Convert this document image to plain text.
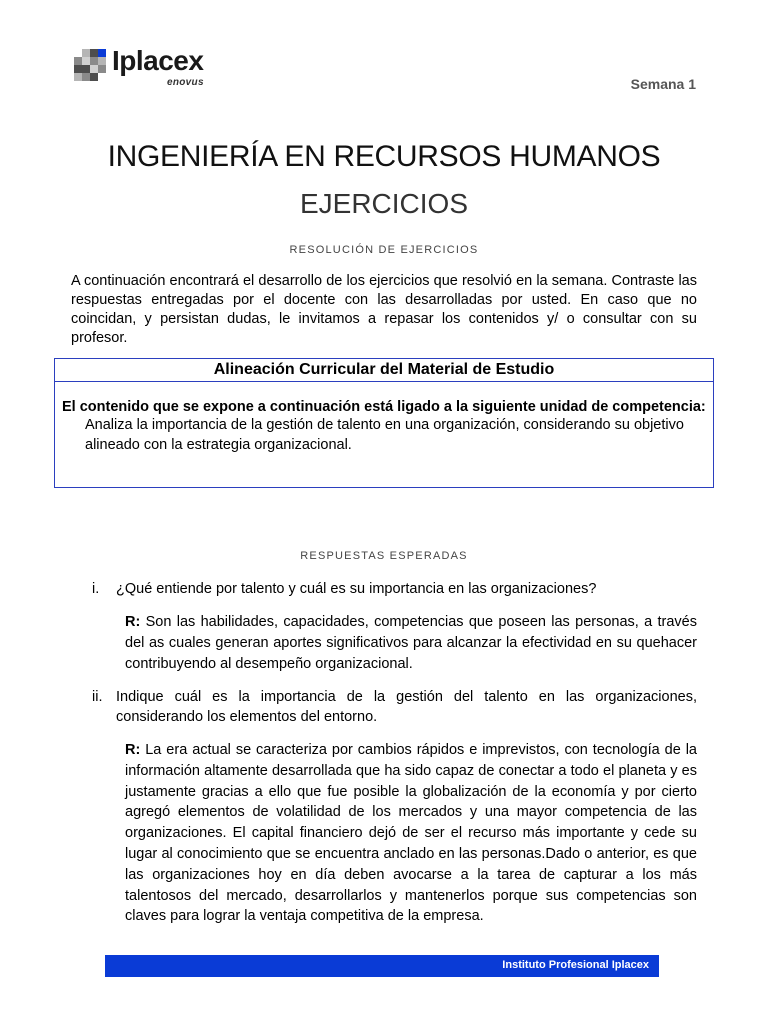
Iplacex
enovus	Semana 1
INGENIERÍA EN RECURSOS HUMANOS
EJERCICIOS
RESOLUCIÓN DE EJERCICIOS
A continuación encontrará el desarrollo de los ejercicios que resolvió en la semana. Contraste las respuestas entregadas por el docente con las desarrolladas por usted. En caso que no coincidan, y persistan dudas, le invitamos a repasar los contenidos y/ o consultar con su profesor.
Alineación Curricular del Material de Estudio
El contenido que se expone a continuación está ligado a la siguiente unidad de competencia:
Analiza la importancia de la gestión de talento en una organización, considerando su objetivo alineado con la estrategia organizacional.
RESPUESTAS ESPERADAS
i. ¿Qué entiende por talento y cuál es su importancia en las organizaciones?
R: Son las habilidades, capacidades, competencias que poseen las personas, a través del as cuales generan aportes significativos para alcanzar la efectividad en su quehacer contribuyendo al desempeño organizacional.
ii. Indique cuál es la importancia de la gestión del talento en las organizaciones, considerando los elementos del entorno.
R: La era actual se caracteriza por cambios rápidos e imprevistos, con tecnología de la información altamente desarrollada que ha sido capaz de conectar a todo el planeta y es justamente gracias a ello que fue posible la globalización de la economía y por cierto agregó elementos de volatilidad de los mercados y una mayor competencia de las organizaciones. El capital financiero dejó de ser el recurso más importante y cede su lugar al conocimiento que se encuentra anclado en las personas.Dado o anterior, es que las organizaciones hoy en día deben avocarse a la tarea de capturar a los más talentosos del mercado, desarrollarlos y mantenerlos porque sus competencias son claves para lograr la ventaja competitiva de la empresa.
Instituto Profesional Iplacex
